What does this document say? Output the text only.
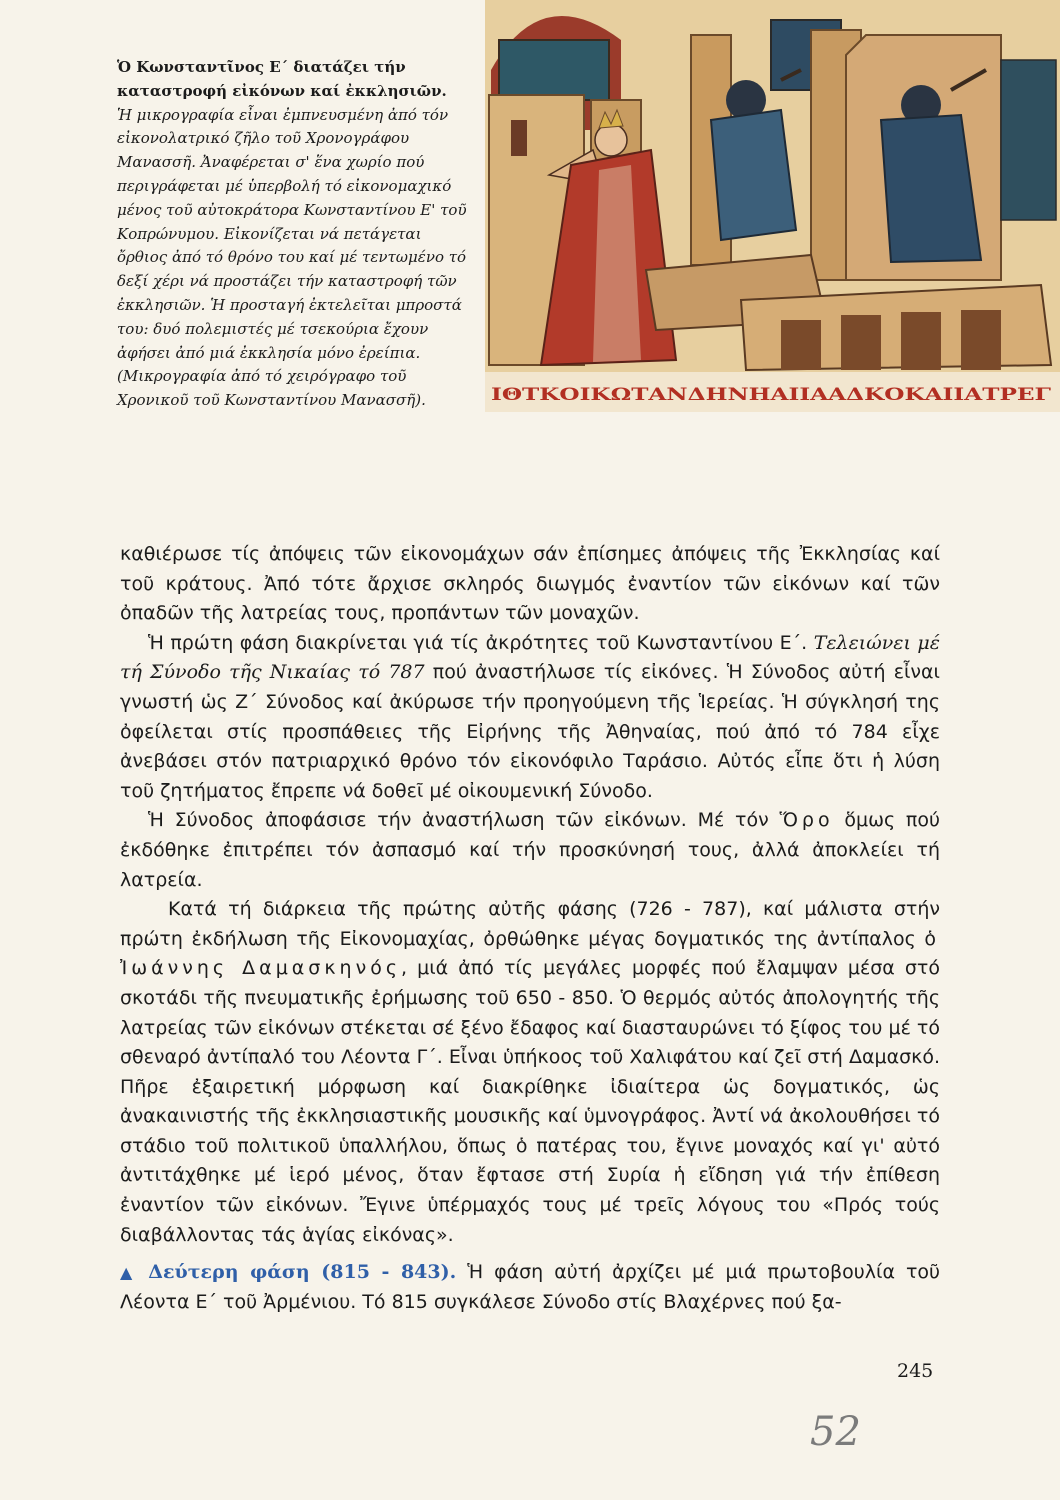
Ὁ Κωνσταντῖνος Ε΄ διατάζει τήν καταστροφή εἰκόνων καί ἐκκλησιῶν.
Ἡ μικρογραφία εἶναι ἐμπνευσμένη ἀπό τόν εἰκονολατρικό ζῆλο τοῦ Χρονογράφου Μανασσῆ. Ἀναφέρεται σ' ἕνα χωρίο πού περιγράφεται μέ ὑπερβολή τό εἰκονομαχικό μένος τοῦ αὐτοκράτορα Κωνσταντίνου Ε' τοῦ Κοπρώνυμου. Εἰκονίζεται νά πετάγεται ὄρθιος ἀπό τό θρόνο του καί μέ τεντωμένο τό δεξί χέρι νά προστάζει τήν καταστροφή τῶν ἐκκλησιῶν. Ἡ προσταγή ἐκτελεῖται μπροστά του: δυό πολεμιστές μέ τσεκούρια ἔχουν ἀφήσει ἀπό μιά ἐκκλησία μόνο ἐρείπια. (Μικρογραφία ἀπό τό χειρόγραφο τοῦ Χρονικοῦ τοῦ Κωνσταντίνου Μανασσῆ).	ΙΘΤΚΟΙΚΩΤΑΝΔΗΝΗΑΙΙΑΑΔΚΟΚΑΙΙΑΤΡΕΓ

καθιέρωσε τίς ἀπόψεις τῶν εἰκονομάχων σάν ἐπίσημες ἀπόψεις τῆς Ἐκκλησίας καί τοῦ κράτους. Ἀπό τότε ἄρχισε σκληρός διωγμός ἐναντίον τῶν εἰκόνων καί τῶν ὀπαδῶν τῆς λατρείας τους, προπάντων τῶν μοναχῶν.

Ἡ πρώτη φάση διακρίνεται γιά τίς ἀκρότητες τοῦ Κωνσταντίνου Ε΄. Τελειώνει μέ τή Σύνοδο τῆς Νικαίας τό 787 πού ἀναστήλωσε τίς εἰκόνες. Ἡ Σύνοδος αὐτή εἶναι γνωστή ὡς Ζ΄ Σύνοδος καί ἀκύρωσε τήν προηγούμενη τῆς Ἱερείας. Ἡ σύγκλησή της ὀφείλεται στίς προσπάθειες τῆς Εἰρήνης τῆς Ἀθηναίας, πού ἀπό τό 784 εἶχε ἀνεβάσει στόν πατριαρχικό θρόνο τόν εἰκονόφιλο Ταράσιο. Αὐτός εἶπε ὅτι ἡ λύση τοῦ ζητήματος ἔπρεπε νά δοθεῖ μέ οἰκουμενική Σύνοδο.

Ἡ Σύνοδος ἀποφάσισε τήν ἀναστήλωση τῶν εἰκόνων. Μέ τόν Ὅρο ὅμως πού ἐκδόθηκε ἐπιτρέπει τόν ἀσπασμό καί τήν προσκύνησή τους, ἀλλά ἀποκλείει τή λατρεία.

Κατά τή διάρκεια τῆς πρώτης αὐτῆς φάσης (726 - 787), καί μάλιστα στήν πρώτη ἐκδήλωση τῆς Εἰκονομαχίας, ὀρθώθηκε μέγας δογματικός της ἀντίπαλος ὁ Ἰωάννης Δαμασκηνός, μιά ἀπό τίς μεγάλες μορφές πού ἔλαμψαν μέσα στό σκοτάδι τῆς πνευματικῆς ἐρήμωσης τοῦ 650 - 850. Ὁ θερμός αὐτός ἀπολογητής τῆς λατρείας τῶν εἰκόνων στέκεται σέ ξένο ἔδαφος καί διασταυρώνει τό ξίφος του μέ τό σθεναρό ἀντίπαλό του Λέοντα Γ΄. Εἶναι ὑπήκοος τοῦ Χαλιφάτου καί ζεῖ στή Δαμασκό. Πῆρε ἐξαιρετική μόρφωση καί διακρίθηκε ἰδιαίτερα ὡς δογματικός, ὡς ἀνακαινιστής τῆς ἐκκλησιαστικῆς μουσικῆς καί ὑμνογράφος. Ἀντί νά ἀκολουθήσει τό στάδιο τοῦ πολιτικοῦ ὑπαλλήλου, ὅπως ὁ πατέρας του, ἔγινε μοναχός καί γι' αὐτό ἀντιτάχθηκε μέ ἱερό μένος, ὅταν ἔφτασε στή Συρία ἡ εἴδηση γιά τήν ἐπίθεση ἐναντίον τῶν εἰκόνων. Ἔγινε ὑπέρμαχός τους μέ τρεῖς λόγους του «Πρός τούς διαβάλλοντας τάς ἁγίας εἰκόνας».

▲ Δεύτερη φάση (815 - 843). Ἡ φάση αὐτή ἀρχίζει μέ μιά πρωτοβουλία τοῦ Λέοντα Ε΄ τοῦ Ἀρμένιου. Τό 815 συγκάλεσε Σύνοδο στίς Βλαχέρνες πού ξα-

245
52
